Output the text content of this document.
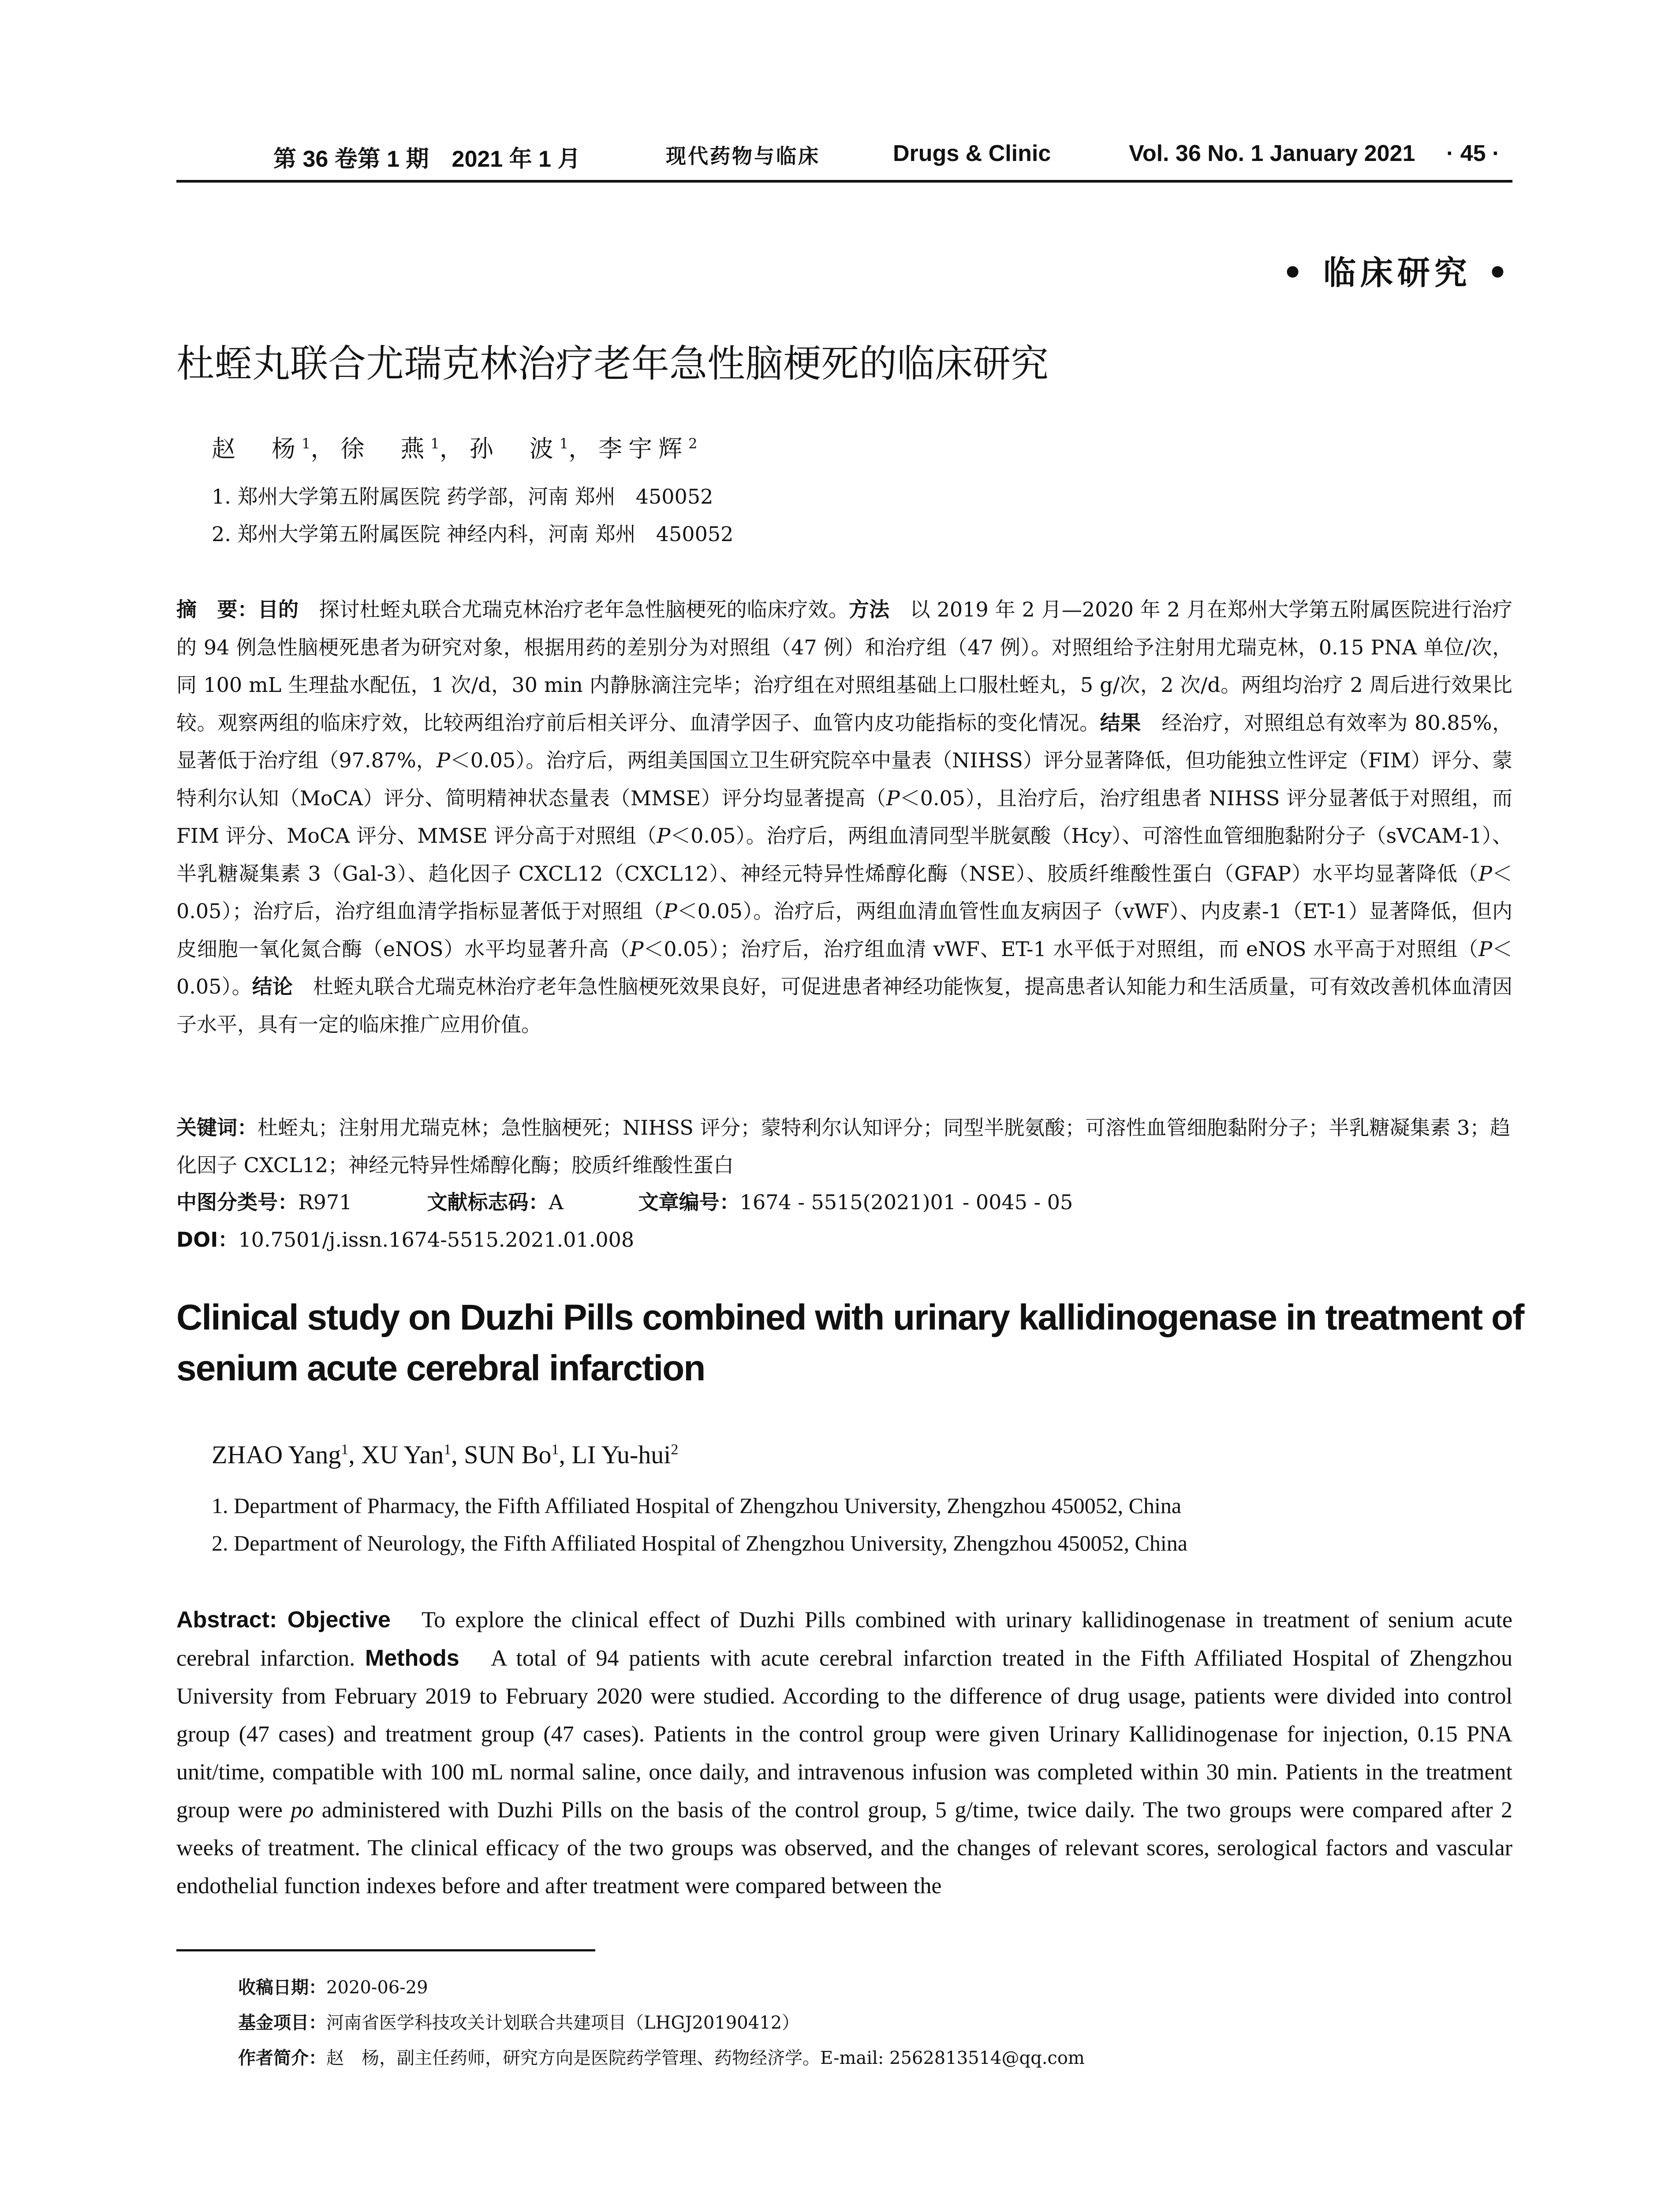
第 36 卷第 1 期　2021 年 1 月	现代药物与临床	Drugs & Clinic	Vol. 36 No. 1 January 2021 · 45 ·
• 临床研究 •
杜蛭丸联合尤瑞克林治疗老年急性脑梗死的临床研究
赵　杨$^1$，徐　燕$^1$，孙　波$^1$，李宇辉$^2$
1. 郑州大学第五附属医院 药学部，河南 郑州　450052
2. 郑州大学第五附属医院 神经内科，河南 郑州　450052

摘　要：目的　探讨杜蛭丸联合尤瑞克林治疗老年急性脑梗死的临床疗效。方法　以 2019 年 2 月—2020 年 2 月在郑州大学第五附属医院进行治疗的 94 例急性脑梗死患者为研究对象，根据用药的差别分为对照组（47 例）和治疗组（47 例）。对照组给予注射用尤瑞克林，0.15 PNA 单位/次，同 100 mL 生理盐水配伍，1 次/d，30 min 内静脉滴注完毕；治疗组在对照组基础上口服杜蛭丸，5 g/次，2 次/d。两组均治疗 2 周后进行效果比较。观察两组的临床疗效，比较两组治疗前后相关评分、血清学因子、血管内皮功能指标的变化情况。结果　经治疗，对照组总有效率为 80.85%，显著低于治疗组（97.87%，P＜0.05）。治疗后，两组美国国立卫生研究院卒中量表（NIHSS）评分显著降低，但功能独立性评定（FIM）评分、蒙特利尔认知（MoCA）评分、简明精神状态量表（MMSE）评分均显著提高（P＜0.05），且治疗后，治疗组患者 NIHSS 评分显著低于对照组，而 FIM 评分、MoCA 评分、MMSE 评分高于对照组（P＜0.05）。治疗后，两组血清同型半胱氨酸（Hcy）、可溶性血管细胞黏附分子（sVCAM-1）、半乳糖凝集素 3（Gal-3）、趋化因子 CXCL12（CXCL12）、神经元特异性烯醇化酶（NSE）、胶质纤维酸性蛋白（GFAP）水平均显著降低（P＜0.05）；治疗后，治疗组血清学指标显著低于对照组（P＜0.05）。治疗后，两组血清血管性血友病因子（vWF）、内皮素-1（ET-1）显著降低，但内皮细胞一氧化氮合酶（eNOS）水平均显著升高（P＜0.05）；治疗后，治疗组血清 vWF、ET-1 水平低于对照组，而 eNOS 水平高于对照组（P＜0.05）。结论　杜蛭丸联合尤瑞克林治疗老年急性脑梗死效果良好，可促进患者神经功能恢复，提高患者认知能力和生活质量，可有效改善机体血清因子水平，具有一定的临床推广应用价值。

关键词：杜蛭丸；注射用尤瑞克林；急性脑梗死；NIHSS 评分；蒙特利尔认知评分；同型半胱氨酸；可溶性血管细胞黏附分子；半乳糖凝集素 3；趋化因子 CXCL12；神经元特异性烯醇化酶；胶质纤维酸性蛋白
中图分类号：R971	文献标志码：A	文章编号：1674 - 5515(2021)01 - 0045 - 05
DOI：10.7501/j.issn.1674-5515.2021.01.008

Clinical study on Duzhi Pills combined with urinary kallidinogenase in treatment of senium acute cerebral infarction

ZHAO Yang$^1$, XU Yan$^1$, SUN Bo$^1$, LI Yu-hui$^2$
1. Department of Pharmacy, the Fifth Affiliated Hospital of Zhengzhou University, Zhengzhou 450052, China
2. Department of Neurology, the Fifth Affiliated Hospital of Zhengzhou University, Zhengzhou 450052, China

Abstract: Objective　To explore the clinical effect of Duzhi Pills combined with urinary kallidinogenase in treatment of senium acute cerebral infarction. Methods　A total of 94 patients with acute cerebral infarction treated in the Fifth Affiliated Hospital of Zhengzhou University from February 2019 to February 2020 were studied. According to the difference of drug usage, patients were divided into control group (47 cases) and treatment group (47 cases). Patients in the control group were given Urinary Kallidinogenase for injection, 0.15 PNA unit/time, compatible with 100 mL normal saline, once daily, and intravenous infusion was completed within 30 min. Patients in the treatment group were po administered with Duzhi Pills on the basis of the control group, 5 g/time, twice daily. The two groups were compared after 2 weeks of treatment. The clinical efficacy of the two groups was observed, and the changes of relevant scores, serological factors and vascular endothelial function indexes before and after treatment were compared between the

收稿日期：2020-06-29
基金项目：河南省医学科技攻关计划联合共建项目（LHGJ20190412）
作者简介：赵　杨，副主任药师，研究方向是医院药学管理、药物经济学。E-mail: 2562813514@qq.com
